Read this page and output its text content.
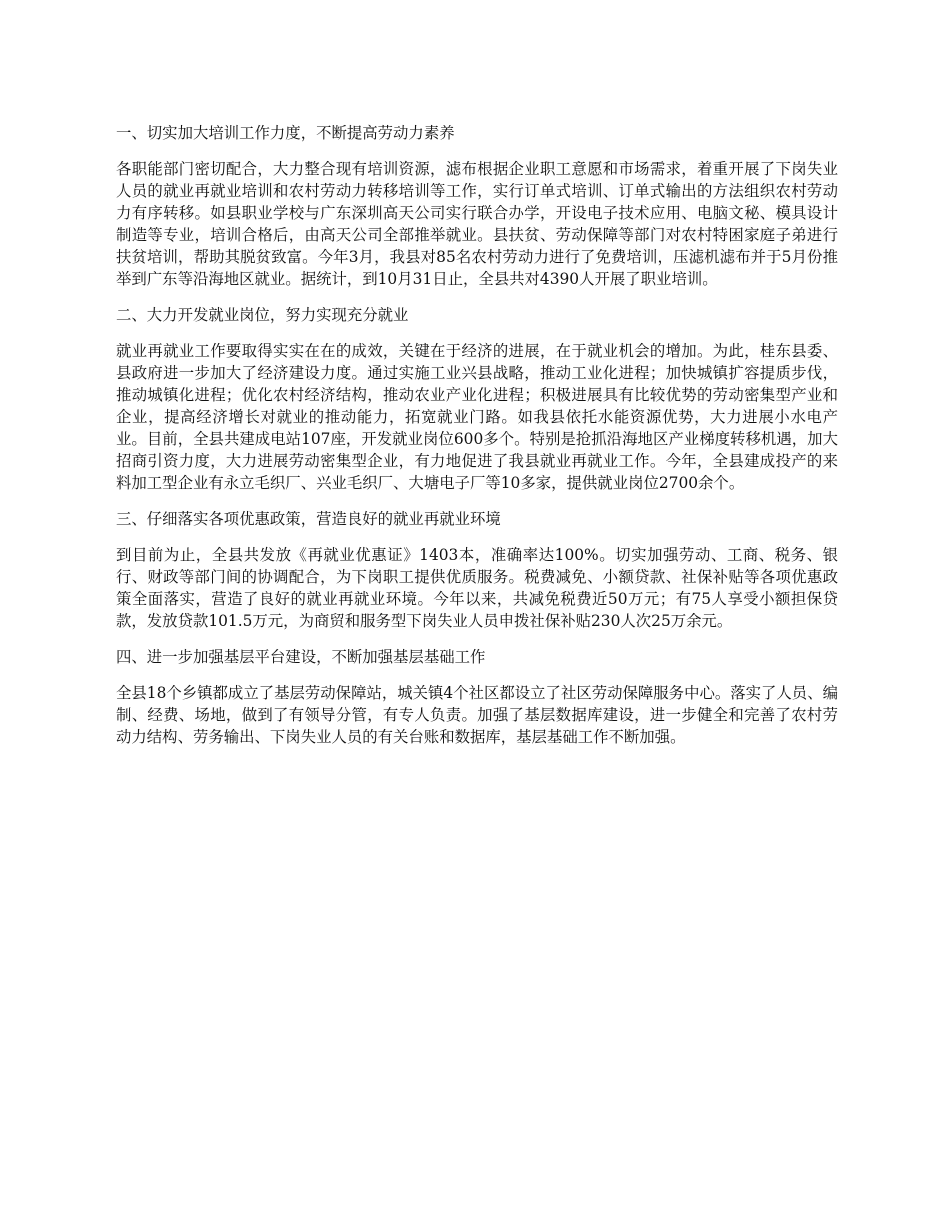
一、切实加大培训工作力度，不断提高劳动力素养

各职能部门密切配合，大力整合现有培训资源，滤布根据企业职工意愿和市场需求，着重开展了下岗失业人员的就业再就业培训和农村劳动力转移培训等工作，实行订单式培训、订单式输出的方法组织农村劳动力有序转移。如县职业学校与广东深圳高天公司实行联合办学，开设电子技术应用、电脑文秘、模具设计制造等专业，培训合格后，由高天公司全部推举就业。县扶贫、劳动保障等部门对农村特困家庭子弟进行扶贫培训，帮助其脱贫致富。今年3月，我县对85名农村劳动力进行了免费培训，压滤机滤布并于5月份推举到广东等沿海地区就业。据统计，到10月31日止，全县共对4390人开展了职业培训。

二、大力开发就业岗位，努力实现充分就业

就业再就业工作要取得实实在在的成效，关键在于经济的进展，在于就业机会的增加。为此，桂东县委、县政府进一步加大了经济建设力度。通过实施工业兴县战略，推动工业化进程；加快城镇扩容提质步伐，推动城镇化进程；优化农村经济结构，推动农业产业化进程；积极进展具有比较优势的劳动密集型产业和企业，提高经济增长对就业的推动能力，拓宽就业门路。如我县依托水能资源优势，大力进展小水电产业。目前，全县共建成电站107座，开发就业岗位600多个。特别是抢抓沿海地区产业梯度转移机遇，加大招商引资力度，大力进展劳动密集型企业，有力地促进了我县就业再就业工作。今年，全县建成投产的来料加工型企业有永立毛织厂、兴业毛织厂、大塘电子厂等10多家，提供就业岗位2700余个。

三、仔细落实各项优惠政策，营造良好的就业再就业环境

到目前为止，全县共发放《再就业优惠证》1403本，准确率达100%。切实加强劳动、工商、税务、银行、财政等部门间的协调配合，为下岗职工提供优质服务。税费减免、小额贷款、社保补贴等各项优惠政策全面落实，营造了良好的就业再就业环境。今年以来，共减免税费近50万元；有75人享受小额担保贷款，发放贷款101.5万元，为商贸和服务型下岗失业人员申拨社保补贴230人次25万余元。

四、进一步加强基层平台建设，不断加强基层基础工作

全县18个乡镇都成立了基层劳动保障站，城关镇4个社区都设立了社区劳动保障服务中心。落实了人员、编制、经费、场地，做到了有领导分管，有专人负责。加强了基层数据库建设，进一步健全和完善了农村劳动力结构、劳务输出、下岗失业人员的有关台账和数据库，基层基础工作不断加强。
